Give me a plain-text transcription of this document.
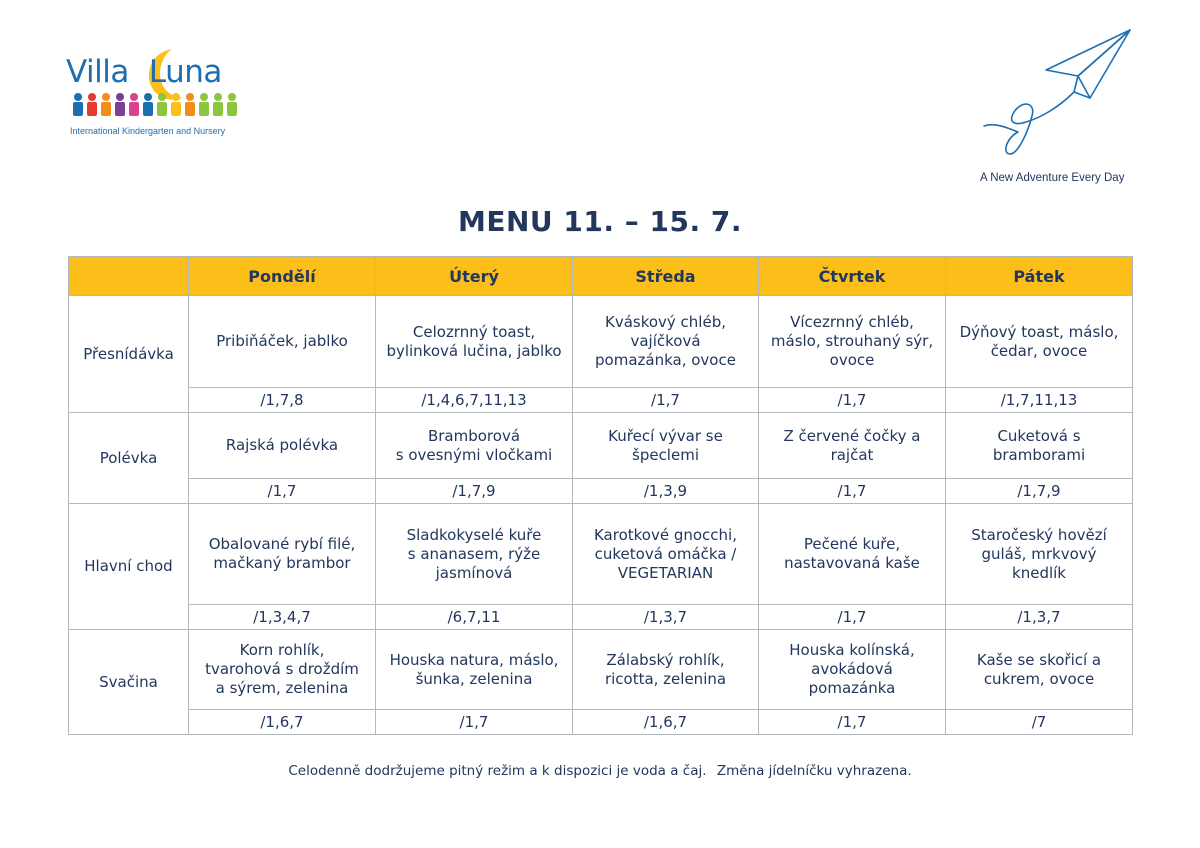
Villa Luna
International Kindergarten and Nursery
A New Adventure Every Day
MENU 11. – 15. 7.
	Pondělí	Úterý	Středa	Čtvrtek	Pátek
Přesnídávka	Pribiňáček, jablko	Celozrnný toast,
bylinková lučina, jablko	Kváskový chléb,
vajíčková
pomazánka, ovoce	Vícezrnný chléb,
máslo, strouhaný sýr,
ovoce	Dýňový toast, máslo,
čedar, ovoce
	/1,7,8	/1,4,6,7,11,13	/1,7	/1,7	/1,7,11,13
Polévka	Rajská polévka	Bramborová
s ovesnými vločkami	Kuřecí vývar se
špeclemi	Z červené čočky a
rajčat	Cuketová s
bramborami
	/1,7	/1,7,9	/1,3,9	/1,7	/1,7,9
Hlavní chod	Obalované rybí filé,
mačkaný brambor	Sladkokyselé kuře
s ananasem, rýže
jasmínová	Karotkové gnocchi,
cuketová omáčka /
VEGETARIAN	Pečené kuře,
nastavovaná kaše	Staročeský hovězí
guláš, mrkvový
knedlík
	/1,3,4,7	/6,7,11	/1,3,7	/1,7	/1,3,7
Svačina	Korn rohlík,
tvarohová s droždím
a sýrem, zelenina	Houska natura, máslo,
šunka, zelenina	Zálabský rohlík,
ricotta, zelenina	Houska kolínská,
avokádová
pomazánka	Kaše se skořicí a
cukrem, ovoce
	/1,6,7	/1,7	/1,6,7	/1,7	/7
Celodenně dodržujeme pitný režim a k dispozici je voda a čaj. Změna jídelníčku vyhrazena.
